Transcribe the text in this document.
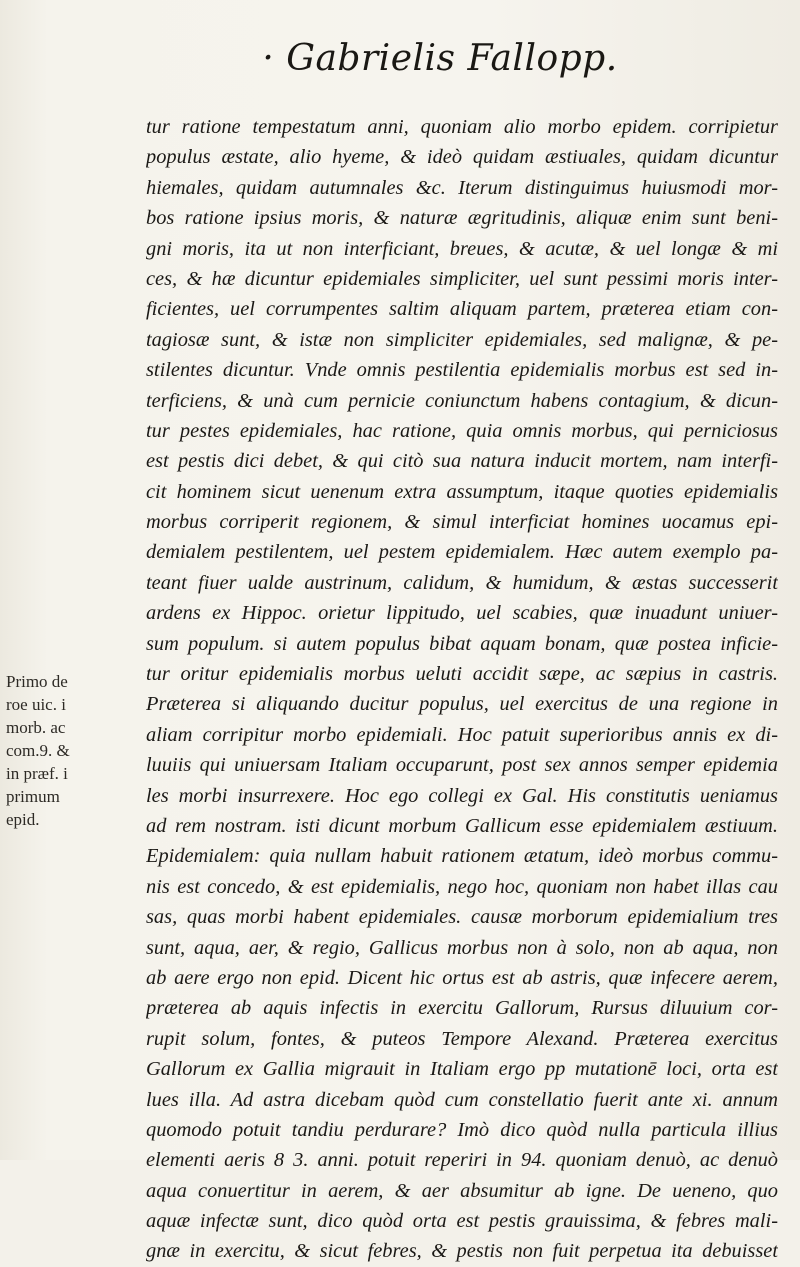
· Gabrielis Fallopp.
Primo de
roe uic. i
morb. ac
com.9. &
in præf. i
primum
epid.
tur ratione tempestatum anni, quoniam alio morbo epidem. corripietur
populus æstate, alio hyeme, & ideò quidam æstiuales, quidam dicuntur
hiemales, quidam autumnales &c. Iterum distinguimus huiusmodi mor-
bos ratione ipsius moris, & naturæ ægritudinis, aliquæ enim sunt beni-
gni moris, ita ut non interficiant, breues, & acutæ, & uel longæ & mi
ces, & hæ dicuntur epidemiales simpliciter, uel sunt pessimi moris inter-
ficientes, uel corrumpentes saltim aliquam partem, præterea etiam con-
tagiosæ sunt, & istæ non simpliciter epidemiales, sed malignæ, & pe-
stilentes dicuntur. Vnde omnis pestilentia epidemialis morbus est sed in-
terficiens, & unà cum pernicie coniunctum habens contagium, & dicun-
tur pestes epidemiales, hac ratione, quia omnis morbus, qui perniciosus
est pestis dici debet, & qui citò sua natura inducit mortem, nam interfi-
cit hominem sicut uenenum extra assumptum, itaque quoties epidemialis
morbus corriperit regionem, & simul interficiat homines uocamus epi-
demialem pestilentem, uel pestem epidemialem. Hæc autem exemplo pa-
teant fiuer ualde austrinum, calidum, & humidum, & æstas successerit
ardens ex Hippoc. orietur lippitudo, uel scabies, quæ inuadunt uniuer-
sum populum. si autem populus bibat aquam bonam, quæ postea inficie-
tur oritur epidemialis morbus ueluti accidit sæpe, ac sæpius in castris.
Præterea si aliquando ducitur populus, uel exercitus de una regione in
aliam corripitur morbo epidemiali. Hoc patuit superioribus annis ex di-
luuiis qui uniuersam Italiam occuparunt, post sex annos semper epidemia
les morbi insurrexere. Hoc ego collegi ex Gal. His constitutis ueniamus
ad rem nostram. isti dicunt morbum Gallicum esse epidemialem æstiuum.
Epidemialem: quia nullam habuit rationem ætatum, ideò morbus commu-
nis est concedo, & est epidemialis, nego hoc, quoniam non habet illas cau
sas, quas morbi habent epidemiales. causæ morborum epidemialium tres
sunt, aqua, aer, & regio, Gallicus morbus non à solo, non ab aqua, non
ab aere ergo non epid. Dicent hic ortus est ab astris, quæ infecere aerem,
præterea ab aquis infectis in exercitu Gallorum, Rursus diluuium cor-
rupit solum, fontes, & puteos Tempore Alexand. Præterea exercitus
Gallorum ex Gallia migrauit in Italiam ergo pp mutationē loci, orta est
lues illa. Ad astra dicebam quòd cum constellatio fuerit ante xi. annum
quomodo potuit tandiu perdurare? Imò dico quòd nulla particula illius
elementi aeris 8 3. anni. potuit reperiri in 94. quoniam denuò, ac denuò
aqua conuertitur in aerem, & aer absumitur ab igne. De ueneno, quo
aquæ infectæ sunt, dico quòd orta est pestis grauissima, & febres mali-
gnæ in exercitu, & sicut febres, & pestis non fuit perpetua ita debuisset
